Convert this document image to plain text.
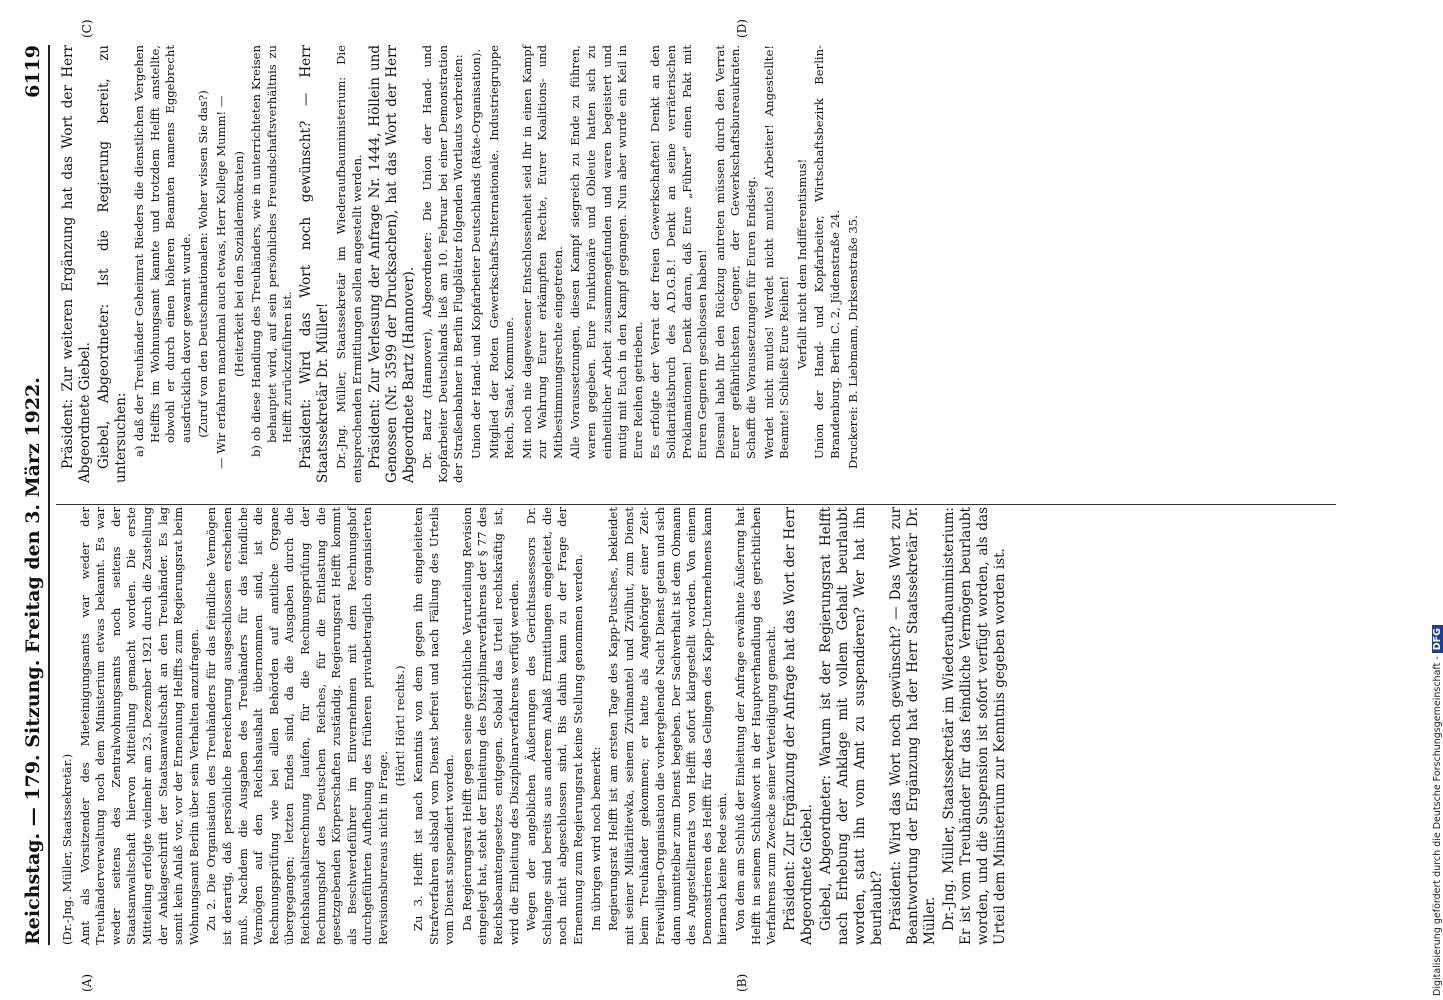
Reichstag. — 179. Sitzung. Freitag den 3. März 1922.
6119
(A)	(B)
(C)	(D)

(Dr.-Jng. Müller, Staatssekretär.) Amt als Vorsitzender des Mieteinigungsamts war weder der Treuhänderverwaltung noch dem Ministerium etwas bekannt. Es war weder seitens des Zentralwohnungsamts noch seitens der Staatsanwaltschaft hiervon Mitteilung gemacht worden. Die erste Mitteilung erfolgte vielmehr am 23. Dezember 1921 durch die Zustellung der Anklageschrift der Staatsanwaltschaft an den Treuhänder. Es lag somit kein Anlaß vor, vor der Ernennung Helffts zum Regierungsrat beim Wohnungsamt Berlin über sein Verhalten anzufragen. Zu 2. Die Organisation des Treuhänders für das feindliche Vermögen ist derartig, daß persönliche Bereicherung ausgeschlossen erscheinen muß. Nachdem die Ausgaben des Treuhänders für das feindliche Vermögen auf den Reichshaushalt übernommen sind, ist die Rechnungsprüfung wie bei allen Behörden auf amtliche Organe übergegangen; letzten Endes sind, da die Ausgaben durch die Reichshaushaltsrechnung laufen, für die Rechnungsprüfung der Rechnungshof des Deutschen Reiches, für die Entlastung die gesetzgebenden Körperschaften zuständig. Regierungsrat Helfft kommt als Beschwerdeführer im Einvernehmen mit dem Rechnungshof durchgeführten Aufhebung des früheren privatbetraglich organisierten Revisionsbureaus nicht in Frage.

(Hört! Hört! rechts.) Zu 3. Helfft ist nach Kenntnis von dem gegen ihn eingeleiteten Strafverfahren alsbald vom Dienst befreit und nach Fällung des Urteils vom Dienst suspendiert worden. Da Regierungsrat Helfft gegen seine gerichtliche Verurteilung Revision eingelegt hat, steht der Einleitung des Disziplinarverfahrens der § 77 des Reichsbeamtengesetzes entgegen. Sobald das Urteil rechtskräftig ist, wird die Einleitung des Disziplinarverfahrens verfügt werden. Wegen der angeblichen Äußerungen des Gerichtsassessors Dr. Schlange sind bereits aus anderem Anlaß Ermittlungen eingeleitet, die noch nicht abgeschlossen sind. Bis dahin kann zu der Frage der Ernennung zum Regierungsrat keine Stellung genommen werden. Im übrigen wird noch bemerkt: Regierungsrat Helfft ist am ersten Tage des Kapp-Putsches, bekleidet mit seiner Militärlitewka, seinem Zivilmantel und Zivilhut, zum Dienst beim Treuhänder gekommen; er hatte als Angehöriger einer Zeit-Freiwilligen-Organisation die vorhergehende Nacht Dienst getan und sich dann unmittelbar zum Dienst begeben. Der Sachverhalt ist dem Obmann des Angestelltenrats von Helfft sofort klargestellt worden. Von einem Demonstrieren des Helfft für das Gelingen des Kapp-Unternehmens kann hiernach keine Rede sein. Von dem am Schluß der Einleitung der Anfrage erwähnte Äußerung hat Helfft in seinem Schlußwort in der Hauptverhandlung des gerichtlichen Verfahrens zum Zwecke seiner Verteidigung gemacht. Präsident: Zur Ergänzung der Anfrage hat das Wort der Herr Abgeordnete Giebel. Giebel, Abgeordneter: Warum ist der Regierungsrat Helfft nach Erhebung der Anklage mit vollem Gehalt beurlaubt worden, statt ihn vom Amt zu suspendieren? Wer hat ihn beurlaubt? Präsident: Wird das Wort noch gewünscht? — Das Wort zur Beantwortung der Ergänzung hat der Herr Staatssekretär Dr. Müller. Dr.-Jng. Müller, Staatssekretär im Wiederaufbauministerium: Er ist vom Treuhänder für das feindliche Vermögen beurlaubt worden, und die Suspension ist sofort verfügt worden, als das Urteil dem Ministerium zur Kenntnis gegeben worden ist.

Präsident: Zur weiteren Ergänzung hat das Wort der Herr Abgeordnete Giebel. Giebel, Abgeordneter: Ist die Regierung bereit, zu untersuchen: a) daß der Treuhänder Geheimrat Rieders die dienstlichen Vergehen Helffts im Wohnungsamt kannte und trotzdem Helfft anstellte, obwohl er durch einen höheren Beamten namens Eggebrecht ausdrücklich davor gewarnt wurde. (Zuruf von den Deutschnationalen: Woher wissen Sie das?) — Wir erfahren manchmal auch etwas, Herr Kollege Mumm! — (Heiterkeit bei den Sozialdemokraten) b) ob diese Handlung des Treuhänders, wie in unterrichteten Kreisen behauptet wird, auf sein persönliches Freundschaftsverhältnis zu Helfft zurückzuführen ist. Präsident: Wird das Wort noch gewünscht? — Herr Staatssekretär Dr. Müller! Dr.-Jng. Müller, Staatssekretär im Wiederaufbauministerium: Die entsprechenden Ermittlungen sollen angestellt werden. Präsident: Zur Verlesung der Anfrage Nr. 1444, Höllein und Genossen (Nr. 3599 der Drucksachen), hat das Wort der Herr Abgeordnete Bartz (Hannover). Dr. Bartz (Hannover), Abgeordneter: Die Union der Hand- und Kopfarbeiter Deutschlands ließ am 10. Februar bei einer Demonstration der Straßenbahner in Berlin Flugblätter folgenden Wortlauts verbreiten: Union der Hand- und Kopfarbeiter Deutschlands (Räte-Organisation). Mitglied der Roten Gewerkschafts-Internationale. Industriegruppe Reich, Staat, Kommune. Mit noch nie dagewesener Entschlossenheit seid Ihr in einen Kampf zur Wahrung Eurer erkämpften Rechte, Eurer Koalitions- und Mitbestimmungsrechte eingetreten. Alle Voraussetzungen, diesen Kampf siegreich zu Ende zu führen, waren gegeben. Eure Funktionäre und Obleute hatten sich zu einheitlicher Arbeit zusammengefunden und waren begeistert und mutig mit Euch in den Kampf gegangen. Nun aber wurde ein Keil in Eure Reihen getrieben. Es erfolgte der Verrat der freien Gewerkschaften! Denkt an den Solidaritätsbruch des A.D.G.B.! Denkt an seine verräterischen Proklamationen! Denkt daran, daß Eure „Führer“ einen Pakt mit Euren Gegnern geschlossen haben! Diesmal habt Ihr den Rückzug antreten müssen durch den Verrat Eurer gefährlichsten Gegner, der Gewerkschaftsbureaukraten. Schafft die Voraussetzungen für Euren Endsieg. Werdet nicht mutlos! Werdet nicht mutlos! Arbeiter! Angestellte! Beamte! Schließt Eure Reihen! Verfallt nicht dem Indifferentismus! Union der Hand- und Kopfarbeiter, Wirtschaftsbezirk Berlin-Brandenburg. Berlin C. 2, Jüdenstraße 24. Druckerei: B. Liebmann, Dirksenstraße 35.

Digitalisierung gefördert durch die Deutsche Forschungsgemeinschaft -DFG
